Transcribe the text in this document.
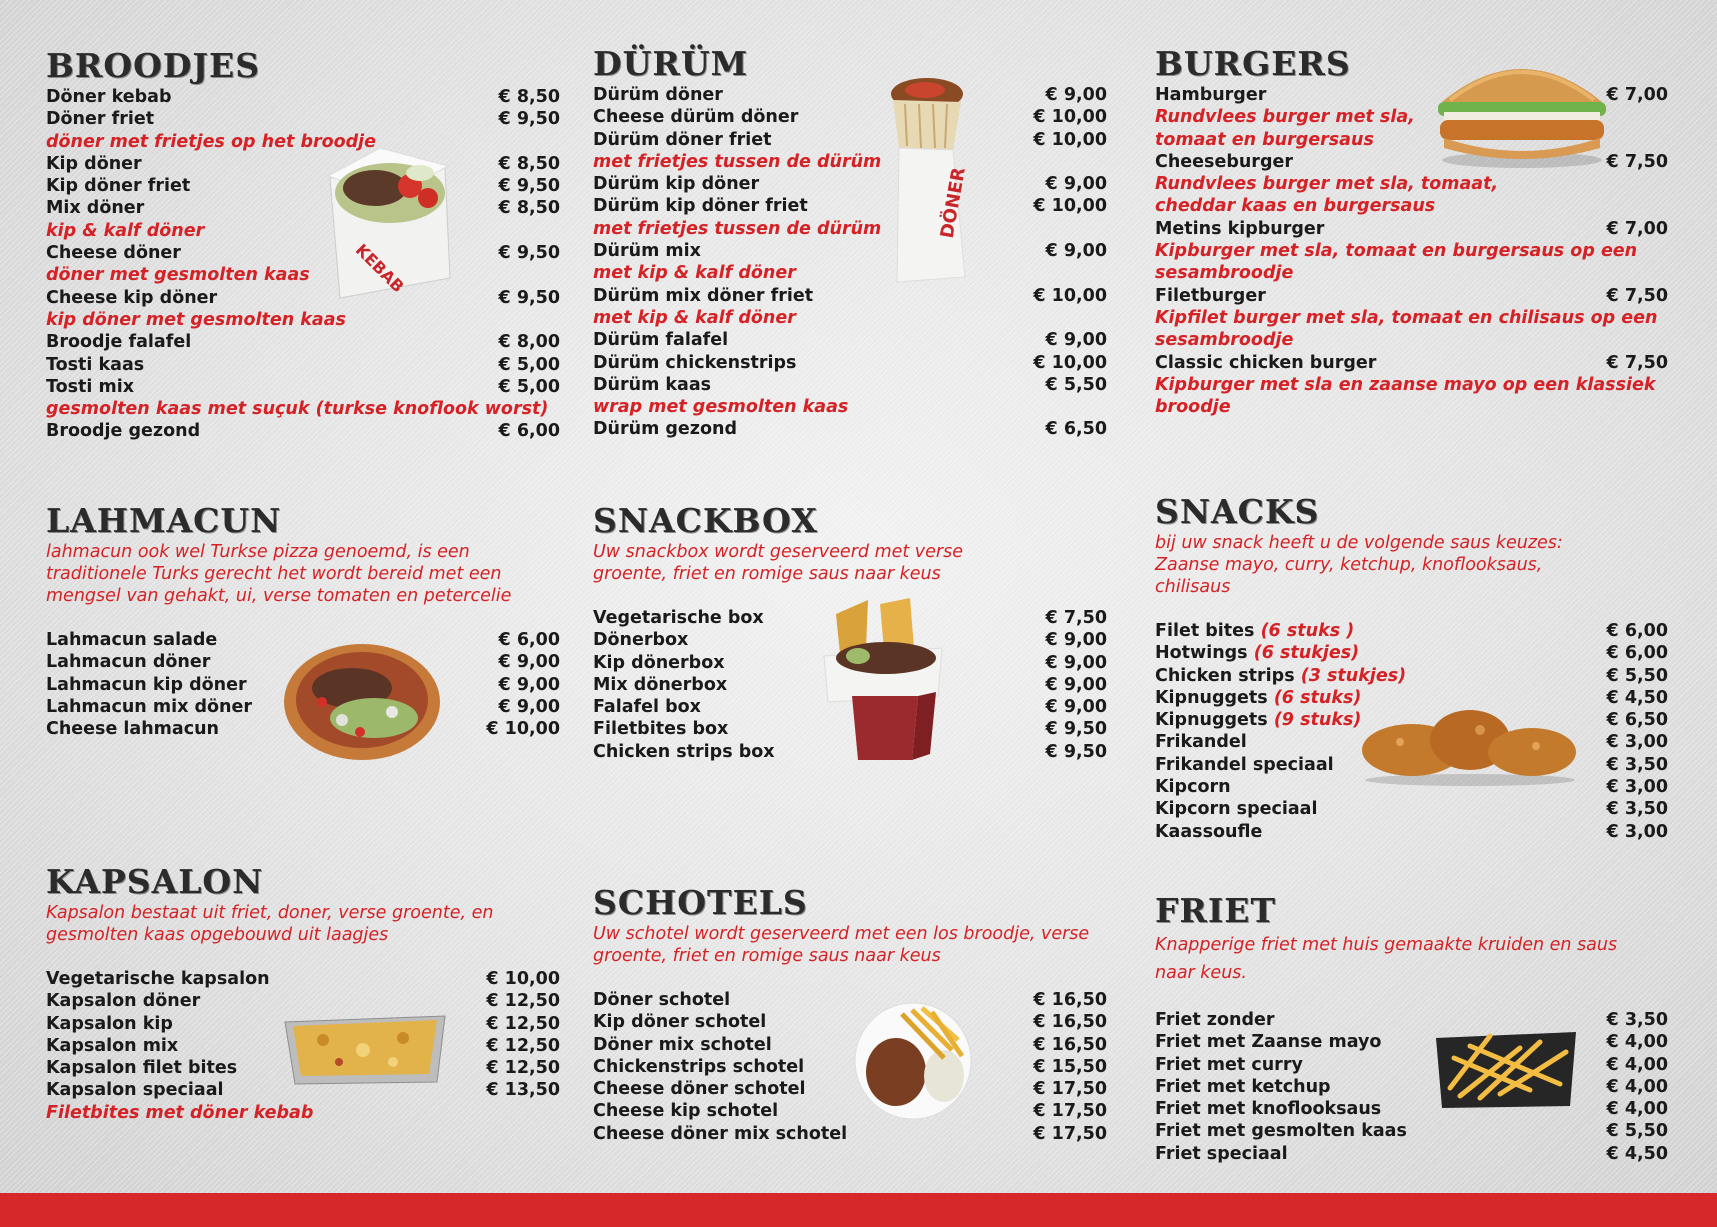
KEBAB
DÖNER
BROODJES
Döner kebab	€ 8,50
Döner friet	€ 9,50
döner met frietjes op het broodje
Kip döner	€ 8,50
Kip döner friet	€ 9,50
Mix döner	€ 8,50
kip & kalf döner
Cheese döner	€ 9,50
döner met gesmolten kaas
Cheese kip döner	€ 9,50
kip döner met gesmolten kaas
Broodje falafel	€ 8,00
Tosti kaas	€ 5,00
Tosti mix	€ 5,00
gesmolten kaas met suçuk (turkse knoflook worst)
Broodje gezond	€ 6,00
DÜRÜM
Dürüm döner	€ 9,00
Cheese dürüm döner	€ 10,00
Dürüm döner friet	€ 10,00
met frietjes tussen de dürüm
Dürüm kip döner	€ 9,00
Dürüm kip döner friet	€ 10,00
met frietjes tussen de dürüm
Dürüm mix	€ 9,00
met kip & kalf döner
Dürüm mix döner friet	€ 10,00
met kip & kalf döner
Dürüm falafel	€ 9,00
Dürüm chickenstrips	€ 10,00
Dürüm kaas	€ 5,50
wrap met gesmolten kaas
Dürüm gezond	€ 6,50
BURGERS
Hamburger	€ 7,00
Rundvlees burger met sla,
tomaat en burgersaus
Cheeseburger	€ 7,50
Rundvlees burger met sla, tomaat,
cheddar kaas en burgersaus
Metins kipburger	€ 7,00
Kipburger met sla, tomaat en burgersaus op een
sesambroodje
Filetburger	€ 7,50
Kipfilet burger met sla, tomaat en chilisaus op een
sesambroodje
Classic chicken burger	€ 7,50
Kipburger met sla en zaanse mayo op een klassiek
broodje
LAHMACUN

lahmacun ook wel Turkse pizza genoemd, is een traditionele Turks gerecht het wordt bereid met een mengsel van gehakt, ui, verse tomaten en petercelie

Lahmacun salade	€ 6,00
Lahmacun döner	€ 9,00
Lahmacun kip döner	€ 9,00
Lahmacun mix döner	€ 9,00
Cheese lahmacun	€ 10,00
SNACKBOX

Uw snackbox wordt geserveerd met verse groente, friet en romige saus naar keus

Vegetarische box	€ 7,50
Dönerbox	€ 9,00
Kip dönerbox	€ 9,00
Mix dönerbox	€ 9,00
Falafel box	€ 9,00
Filetbites box	€ 9,50
Chicken strips box	€ 9,50
SNACKS

bij uw snack heeft u de volgende saus keuzes: Zaanse mayo, curry, ketchup, knoflooksaus, chilisaus

Filet bites (6 stuks )	€ 6,00
Hotwings (6 stukjes)	€ 6,00
Chicken strips (3 stukjes)	€ 5,50
Kipnuggets (6 stuks)	€ 4,50
Kipnuggets (9 stuks)	€ 6,50
Frikandel	€ 3,00
Frikandel speciaal	€ 3,50
Kipcorn	€ 3,00
Kipcorn speciaal	€ 3,50
Kaassoufle	€ 3,00
KAPSALON

Kapsalon bestaat uit friet, doner, verse groente, en gesmolten kaas opgebouwd uit laagjes

Vegetarische kapsalon	€ 10,00
Kapsalon döner	€ 12,50
Kapsalon kip	€ 12,50
Kapsalon mix	€ 12,50
Kapsalon filet bites	€ 12,50
Kapsalon speciaal	€ 13,50
Filetbites met döner kebab
SCHOTELS

Uw schotel wordt geserveerd met een los broodje, verse groente, friet en romige saus naar keus

Döner schotel	€ 16,50
Kip döner schotel	€ 16,50
Döner mix schotel	€ 16,50
Chickenstrips schotel	€ 15,50
Cheese döner schotel	€ 17,50
Cheese kip schotel	€ 17,50
Cheese döner mix schotel	€ 17,50
FRIET

Knapperige friet met huis gemaakte kruiden en saus naar keus.

Friet zonder	€ 3,50
Friet met Zaanse mayo	€ 4,00
Friet met curry	€ 4,00
Friet met ketchup	€ 4,00
Friet met knoflooksaus	€ 4,00
Friet met gesmolten kaas	€ 5,50
Friet speciaal	€ 4,50
